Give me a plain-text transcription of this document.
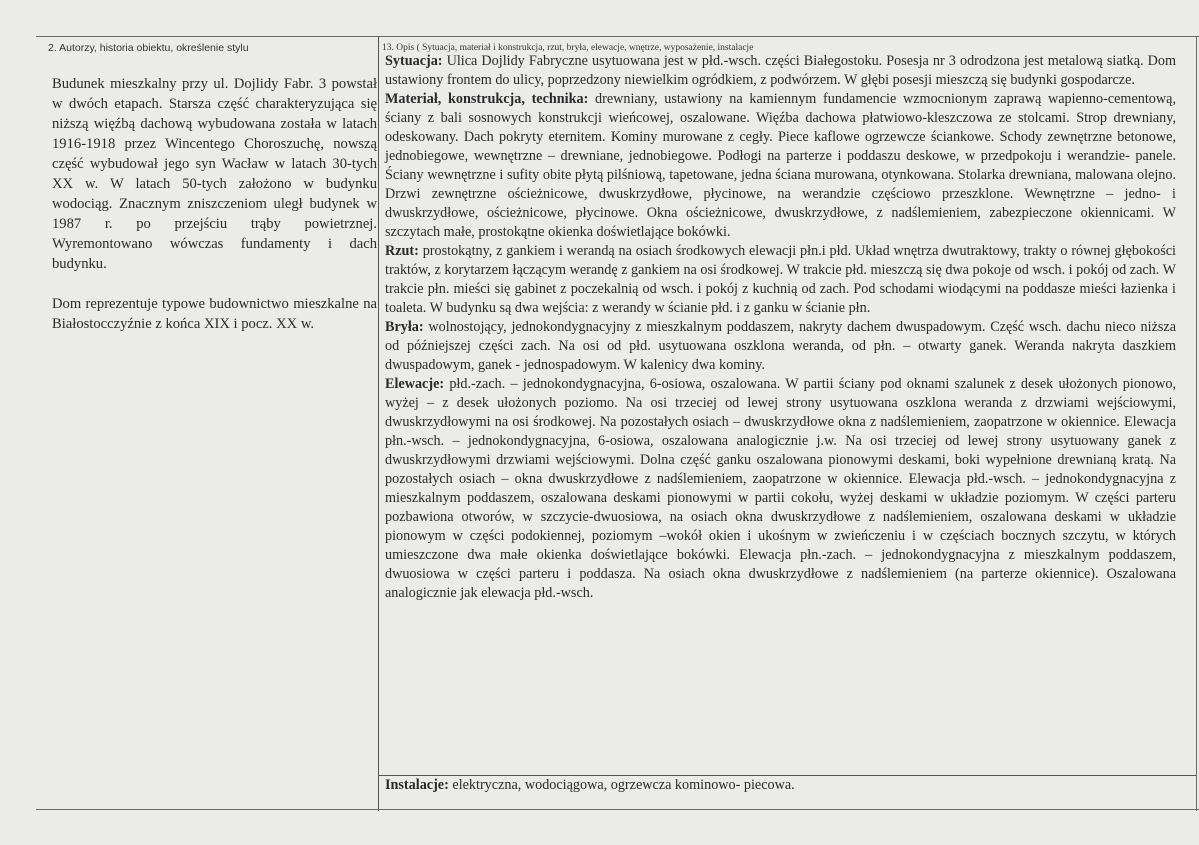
2. Autorzy, historia obiektu, określenie stylu	13. Opis ( Sytuacja, materiał i konstrukcja, rzut, bryła, elewacje, wnętrze, wyposażenie, instalacje

Budunek mieszkalny przy ul. Dojlidy Fabr. 3 powstał w dwóch etapach. Starsza część charakteryzująca się niższą więźbą dachową wybudowana została w latach 1916-1918 przez Wincentego Choroszuchę, nowszą część wybudował jego syn Wacław w latach 30-tych XX w. W latach 50-tych założono w budynku wodociąg. Znacznym zniszczeniom uległ budynek w 1987 r. po przejściu trąby powietrznej. Wyremontowano wówczas fundamenty i dach budynku.

Dom reprezentuje typowe budownictwo mieszkalne na Białostocczyźnie z końca XIX i pocz. XX w.

Sytuacja: Ulica Dojlidy Fabryczne usytuowana jest w płd.-wsch. części Białegostoku. Posesja nr 3 odrodzona jest metalową siatką. Dom ustawiony frontem do ulicy, poprzedzony niewielkim ogródkiem, z podwórzem. W głębi posesji mieszczą się budynki gospodarcze.

Materiał, konstrukcja, technika: drewniany, ustawiony na kamiennym fundamencie wzmocnionym zaprawą wapienno-cementową, ściany z bali sosnowych konstrukcji wieńcowej, oszalowane. Więźba dachowa płatwiowo-kleszczowa ze stolcami. Strop drewniany, odeskowany. Dach pokryty eternitem. Kominy murowane z cegły. Piece kaflowe ogrzewcze ściankowe. Schody zewnętrzne betonowe, jednobiegowe, wewnętrzne – drewniane, jednobiegowe. Podłogi na parterze i poddaszu deskowe, w przedpokoju i werandzie- panele. Ściany wewnętrzne i sufity obite płytą pilśniową, tapetowane, jedna ściana murowana, otynkowana. Stolarka drewniana, malowana olejno. Drzwi zewnętrzne ościeżnicowe, dwuskrzydłowe, płycinowe, na werandzie częściowo przeszklone. Wewnętrzne – jedno- i dwuskrzydłowe, ościeżnicowe, płycinowe. Okna ościeżnicowe, dwuskrzydłowe, z nadślemieniem, zabezpieczone okiennicami. W szczytach małe, prostokątne okienka doświetlające bokówki.

Rzut: prostokątny, z gankiem i werandą na osiach środkowych elewacji płn.i płd. Układ wnętrza dwutraktowy, trakty o równej głębokości traktów, z korytarzem łączącym werandę z gankiem na osi środkowej. W trakcie płd. mieszczą się dwa pokoje od wsch. i pokój od zach. W trakcie płn. mieści się gabinet z poczekalnią od wsch. i pokój z kuchnią od zach. Pod schodami wiodącymi na poddasze mieści łazienka i toaleta. W budynku są dwa wejścia: z werandy w ścianie płd. i z ganku w ścianie płn.

Bryła: wolnostojący, jednokondygnacyjny z mieszkalnym poddaszem, nakryty dachem dwuspadowym. Część wsch. dachu nieco niższa od późniejszej części zach. Na osi od płd. usytuowana oszklona weranda, od płn. – otwarty ganek. Weranda nakryta daszkiem dwuspadowym, ganek - jednospadowym. W kalenicy dwa kominy.

Elewacje: płd.-zach. – jednokondygnacyjna, 6-osiowa, oszalowana. W partii ściany pod oknami szalunek z desek ułożonych pionowo, wyżej – z desek ułożonych poziomo. Na osi trzeciej od lewej strony usytuowana oszklona weranda z drzwiami wejściowymi, dwuskrzydłowymi na osi środkowej. Na pozostałych osiach – dwuskrzydłowe okna z nadślemieniem, zaopatrzone w okiennice. Elewacja płn.-wsch. – jednokondygnacyjna, 6-osiowa, oszalowana analogicznie j.w. Na osi trzeciej od lewej strony usytuowany ganek z dwuskrzydłowymi drzwiami wejściowymi. Dolna część ganku oszalowana pionowymi deskami, boki wypełnione drewnianą kratą. Na pozostałych osiach – okna dwuskrzydłowe z nadślemieniem, zaopatrzone w okiennice. Elewacja płd.-wsch. – jednokondygnacyjna z mieszkalnym poddaszem, oszalowana deskami pionowymi w partii cokołu, wyżej deskami w układzie poziomym. W części parteru pozbawiona otworów, w szczycie-dwuosiowa, na osiach okna dwuskrzydłowe z nadślemieniem, oszalowana deskami w układzie pionowym w części podokiennej, poziomym –wokół okien i ukośnym w zwieńczeniu i w częściach bocznych szczytu, w których umieszczone dwa małe okienka doświetlające bokówki. Elewacja płn.-zach. – jednokondygnacyjna z mieszkalnym poddaszem, dwuosiowa w części parteru i poddasza. Na osiach okna dwuskrzydłowe z nadślemieniem (na parterze okiennice). Oszalowana analogicznie jak elewacja płd.-wsch.

Instalacje: elektryczna, wodociągowa, ogrzewcza kominowo- piecowa.
